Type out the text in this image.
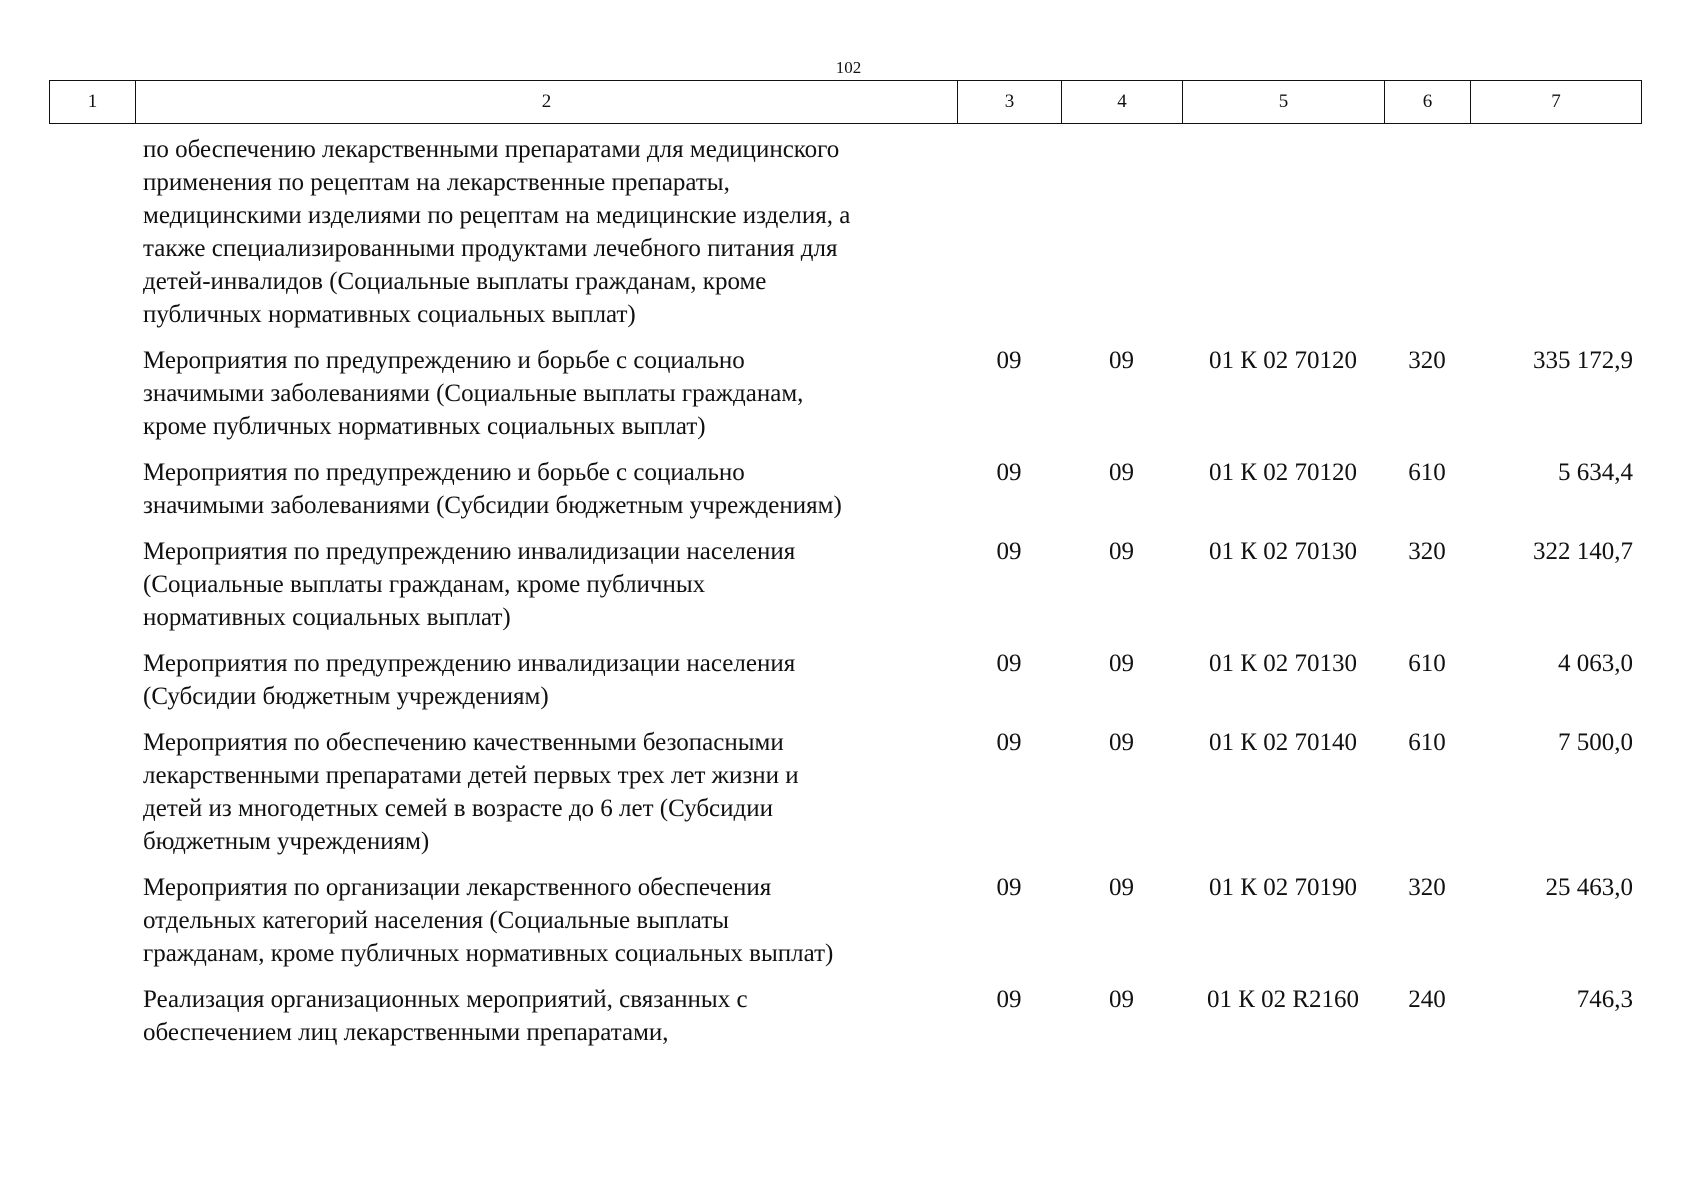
102
1	2	3	4	5	6	7
по обеспечению лекарственными препаратами для медицинского
применения по рецептам на лекарственные препараты,
медицинскими изделиями по рецептам на медицинские изделия, а
также специализированными продуктами лечебного питания для
детей-инвалидов (Социальные выплаты гражданам, кроме
публичных нормативных социальных выплат)
Мероприятия по предупреждению и борьбе с социально
значимыми заболеваниями (Социальные выплаты гражданам,
кроме публичных нормативных социальных выплат)
09	09	01 К 02 70120	320	335 172,9
Мероприятия по предупреждению и борьбе с социально
значимыми заболеваниями (Субсидии бюджетным учреждениям)
09	09	01 К 02 70120	610	5 634,4
Мероприятия по предупреждению инвалидизации населения
(Социальные выплаты гражданам, кроме публичных
нормативных социальных выплат)
09	09	01 К 02 70130	320	322 140,7
Мероприятия по предупреждению инвалидизации населения
(Субсидии бюджетным учреждениям)
09	09	01 К 02 70130	610	4 063,0
Мероприятия по обеспечению качественными безопасными
лекарственными препаратами детей первых трех лет жизни и
детей из многодетных семей в возрасте до 6 лет (Субсидии
бюджетным учреждениям)
09	09	01 К 02 70140	610	7 500,0
Мероприятия по организации лекарственного обеспечения
отдельных категорий населения (Социальные выплаты
гражданам, кроме публичных нормативных социальных выплат)
09	09	01 К 02 70190	320	25 463,0
Реализация организационных мероприятий, связанных с
обеспечением лиц лекарственными препаратами,
09	09	01 К 02 R2160	240	746,3
